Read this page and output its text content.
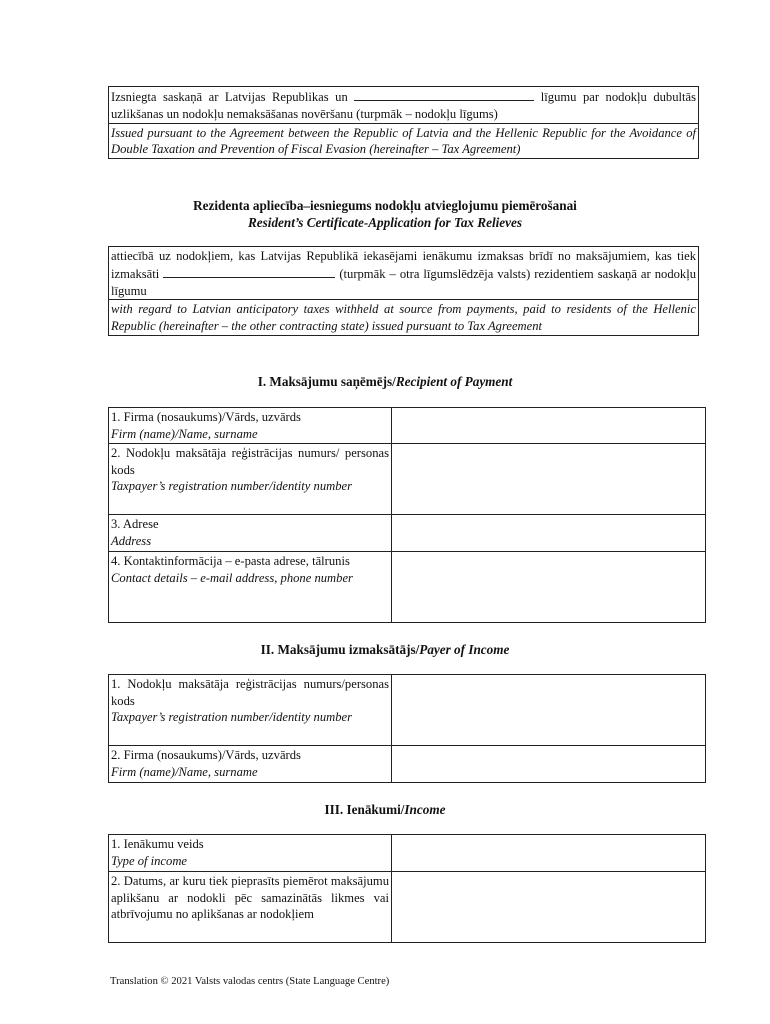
Izsniegta saskaņā ar Latvijas Republikas un	līgumu par nodokļu dubultās uzlikšanas un nodokļu nemaksāšanas novēršanu (turpmāk – nodokļu līgums)
Issued pursuant to the Agreement between the Republic of Latvia and the Hellenic Republic for the Avoidance of Double Taxation and Prevention of Fiscal Evasion (hereinafter – Tax Agreement)
Rezidenta apliecība–iesniegums nodokļu atvieglojumu piemērošanai
Resident’s Certificate-Application for Tax Relieves
attiecībā uz nodokļiem, kas Latvijas Republikā iekasējami ienākumu izmaksas brīdī no maksājumiem, kas tiek izmaksāti	(turpmāk – otra līgumslēdzēja valsts) rezidentiem saskaņā ar nodokļu līgumu
with regard to Latvian anticipatory taxes withheld at source from payments, paid to residents of the Hellenic Republic (hereinafter – the other contracting state) issued pursuant to Tax Agreement
I. Maksājumu saņēmējs/Recipient of Payment
1. Firma (nosaukums)/Vārds, uzvārds
Firm (name)/Name, surname	

2. Nodokļu maksātāja reģistrācijas numurs/ personas kods
Taxpayer’s registration number/identity number	

3. Adrese
Address	

4. Kontaktinformācija – e-pasta adrese, tālrunis
Contact details – e-mail address, phone number	

II. Maksājumu izmaksātājs/Payer of Income
1. Nodokļu maksātāja reģistrācijas numurs/personas kods
Taxpayer’s registration number/identity number	

2. Firma (nosaukums)/Vārds, uzvārds
Firm (name)/Name, surname	

III. Ienākumi/Income
1. Ienākumu veids
Type of income	

2. Datums, ar kuru tiek pieprasīts piemērot maksājumu aplikšanu ar nodokli pēc samazinātās likmes vai atbrīvojumu no aplikšanas ar nodokļiem	
Translation © 2021 Valsts valodas centrs (State Language Centre)
